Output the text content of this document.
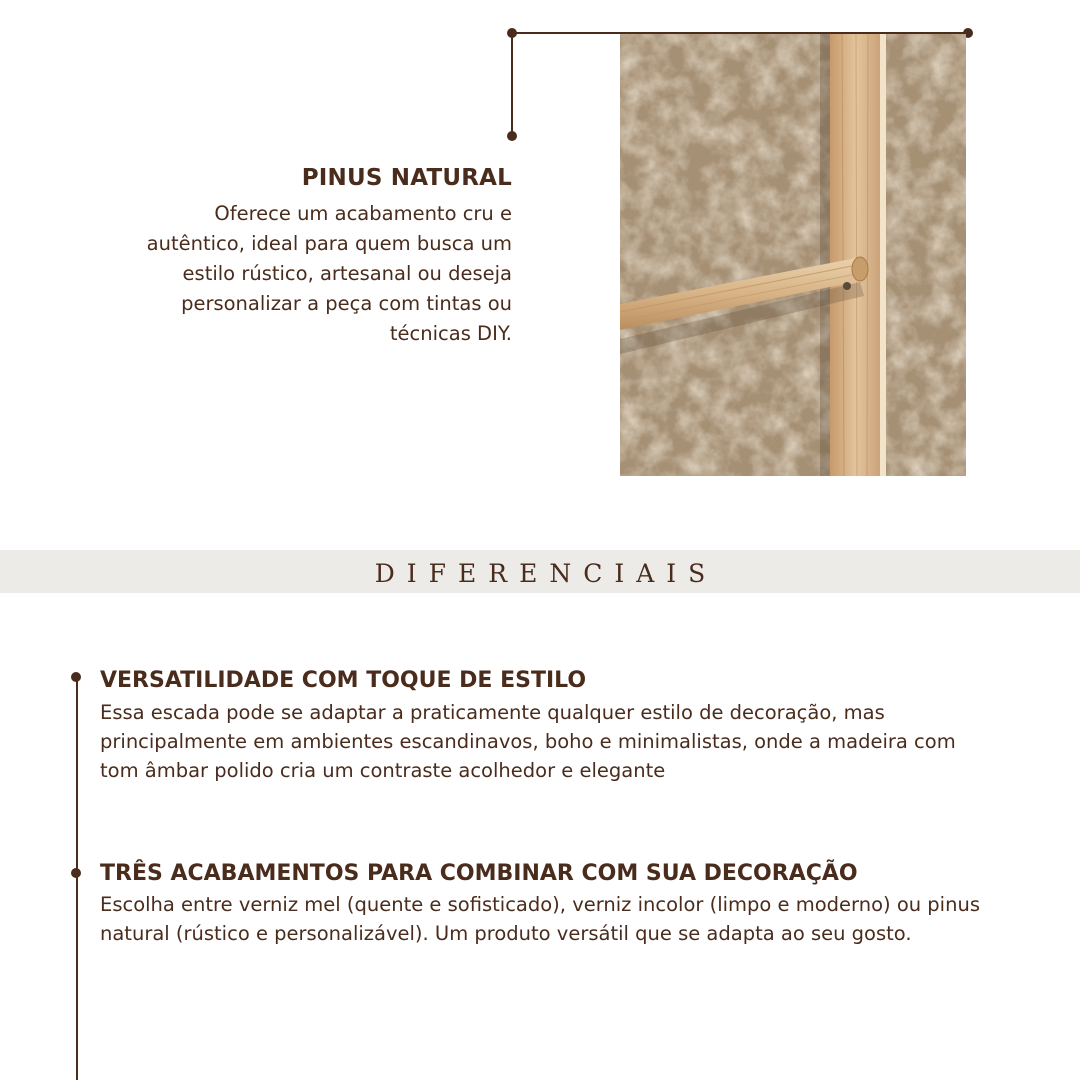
PINUS NATURAL
Oferece um acabamento cru e autêntico, ideal para quem busca um estilo rústico, artesanal ou deseja personalizar a peça com tintas ou técnicas DIY.
DIFERENCIAIS
VERSATILIDADE COM TOQUE DE ESTILO
Essa escada pode se adaptar a praticamente qualquer estilo de decoração, mas principalmente em ambientes escandinavos, boho e minimalistas, onde a madeira com tom âmbar polido cria um contraste acolhedor e elegante
TRÊS ACABAMENTOS PARA COMBINAR COM SUA DECORAÇÃO
Escolha entre verniz mel (quente e sofisticado), verniz incolor (limpo e moderno) ou pinus natural (rústico e personalizável). Um produto versátil que se adapta ao seu gosto.
